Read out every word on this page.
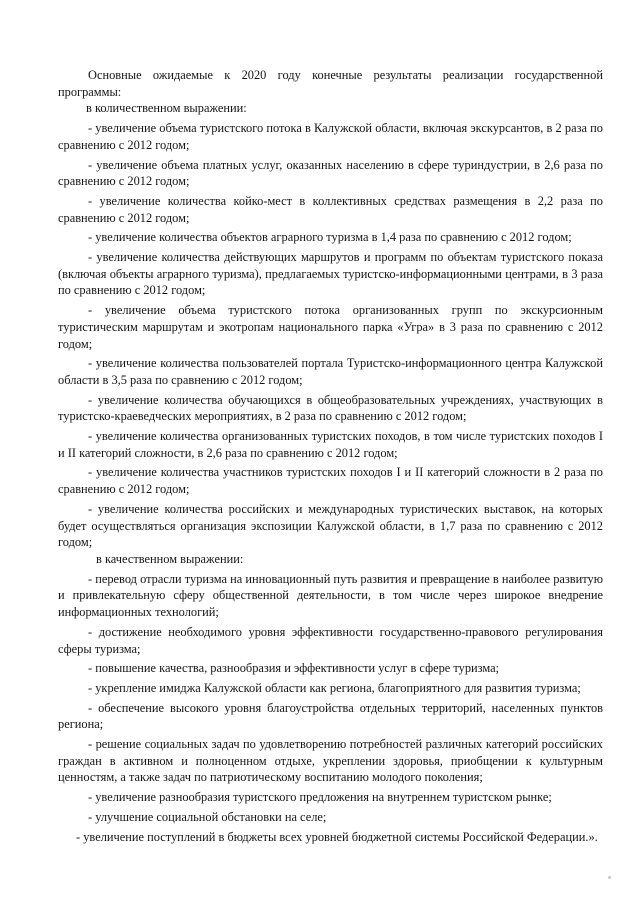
Основные ожидаемые к 2020 году конечные результаты реализации государственной программы:

в количественном выражении:

- увеличение объема туристского потока в Калужской области, включая экскурсантов, в 2 раза по сравнению с 2012 годом;

- увеличение объема платных услуг, оказанных населению в сфере туриндустрии, в 2,6 раза по сравнению с 2012 годом;

- увеличение количества койко-мест в коллективных средствах размещения в 2,2 раза по сравнению с 2012 годом;

- увеличение количества объектов аграрного туризма в 1,4 раза по сравнению с 2012 годом;

- увеличение количества действующих маршрутов и программ по объектам туристского показа (включая объекты аграрного туризма), предлагаемых туристско-информационными центрами, в 3 раза по сравнению с 2012 годом;

- увеличение объема туристского потока организованных групп по экскурсионным туристическим маршрутам и экотропам национального парка «Угра» в 3 раза по сравнению с 2012 годом;

- увеличение количества пользователей портала Туристско-информационного центра Калужской области в 3,5 раза по сравнению с 2012 годом;

- увеличение количества обучающихся в общеобразовательных учреждениях, участвующих в туристско-краеведческих мероприятиях, в 2 раза по сравнению с 2012 годом;

- увеличение количества организованных туристских походов, в том числе туристских походов I и II категорий сложности, в 2,6 раза по сравнению с 2012 годом;

- увеличение количества участников туристских походов I и II категорий сложности в 2 раза по сравнению с 2012 годом;

- увеличение количества российских и международных туристических выставок, на которых будет осуществляться организация экспозиции Калужской области, в 1,7 раза по сравнению с 2012 годом;

в качественном выражении:

- перевод отрасли туризма на инновационный путь развития и превращение в наиболее развитую и привлекательную сферу общественной деятельности, в том числе через широкое внедрение информационных технологий;

- достижение необходимого уровня эффективности государственно-правового регулирования сферы туризма;

- повышение качества, разнообразия и эффективности услуг в сфере туризма;

- укрепление имиджа Калужской области как региона, благоприятного для развития туризма;

- обеспечение высокого уровня благоустройства отдельных территорий, населенных пунктов региона;

- решение социальных задач по удовлетворению потребностей различных категорий российских граждан в активном и полноценном отдыхе, укреплении здоровья, приобщении к культурным ценностям, а также задач по патриотическому воспитанию молодого поколения;

- увеличение разнообразия туристского предложения на внутреннем туристском рынке;

- улучшение социальной обстановки на селе;

- увеличение поступлений в бюджеты всех уровней бюджетной системы Российской Федерации.».
